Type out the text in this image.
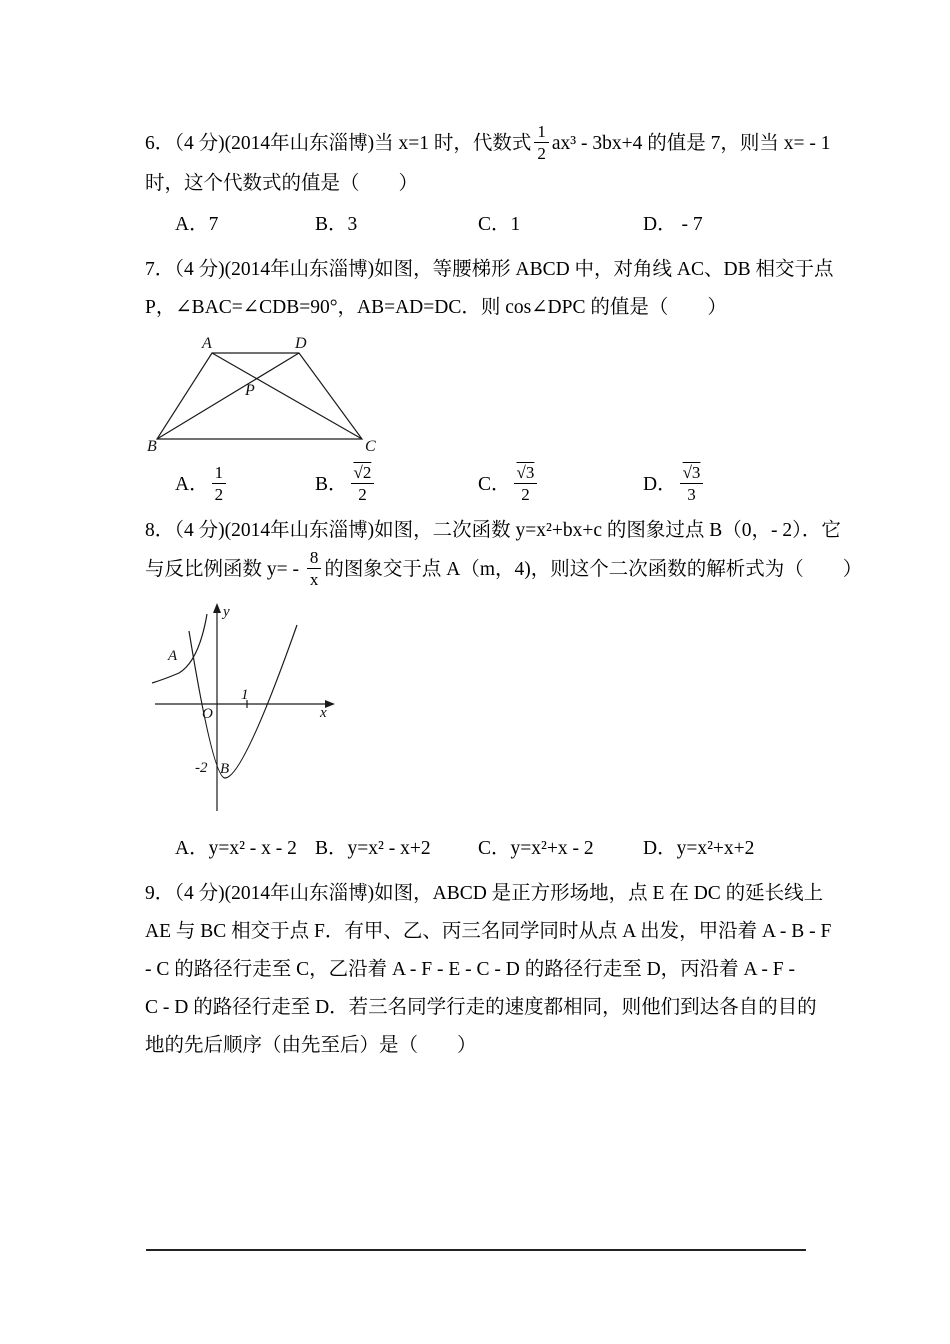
6．（4 分)(2014年山东淄博)当 x=1 时，代数式 $\frac{1}{2} ax^3 - 3bx+4$ 的值是 7，则当 x= - 1

时，这个代数式的值是（　　）

A．7	B．3	C．1	D． - 7

7．（4 分)(2014年山东淄博)如图，等腰梯形 ABCD 中，对角线 AC、DB 相交于点

P，∠BAC=∠CDB=90°，AB=AD=DC．则 cos∠DPC 的值是（　　）

A	D
B	C
P
A． $\frac{1}{2}$	B． $\frac{√2}{2}$	C． $\frac{√3}{2}$	D． $\frac{√3}{3}$

8．（4 分)(2014年山东淄博)如图，二次函数 y=x²+bx+c 的图象过点 B（0，- 2）．它

与反比例函数 $y= - \frac{8}{x}$ 的图象交于点 A（m，4)，则这个二次函数的解析式为（　　）

y
x
O
1
A
B
-2
A．y=x² - x - 2 B．y=x² - x+2	C．y=x²+x - 2	D．y=x²+x+2

9．（4 分)(2014年山东淄博)如图，ABCD 是正方形场地，点 E 在 DC 的延长线上

AE 与 BC 相交于点 F．有甲、乙、丙三名同学同时从点 A 出发，甲沿着 A - B - F

- C 的路径行走至 C，乙沿着 A - F - E - C - D 的路径行走至 D，丙沿着 A - F -

C - D 的路径行走至 D．若三名同学行走的速度都相同，则他们到达各自的目的

地的先后顺序（由先至后）是（　　）
